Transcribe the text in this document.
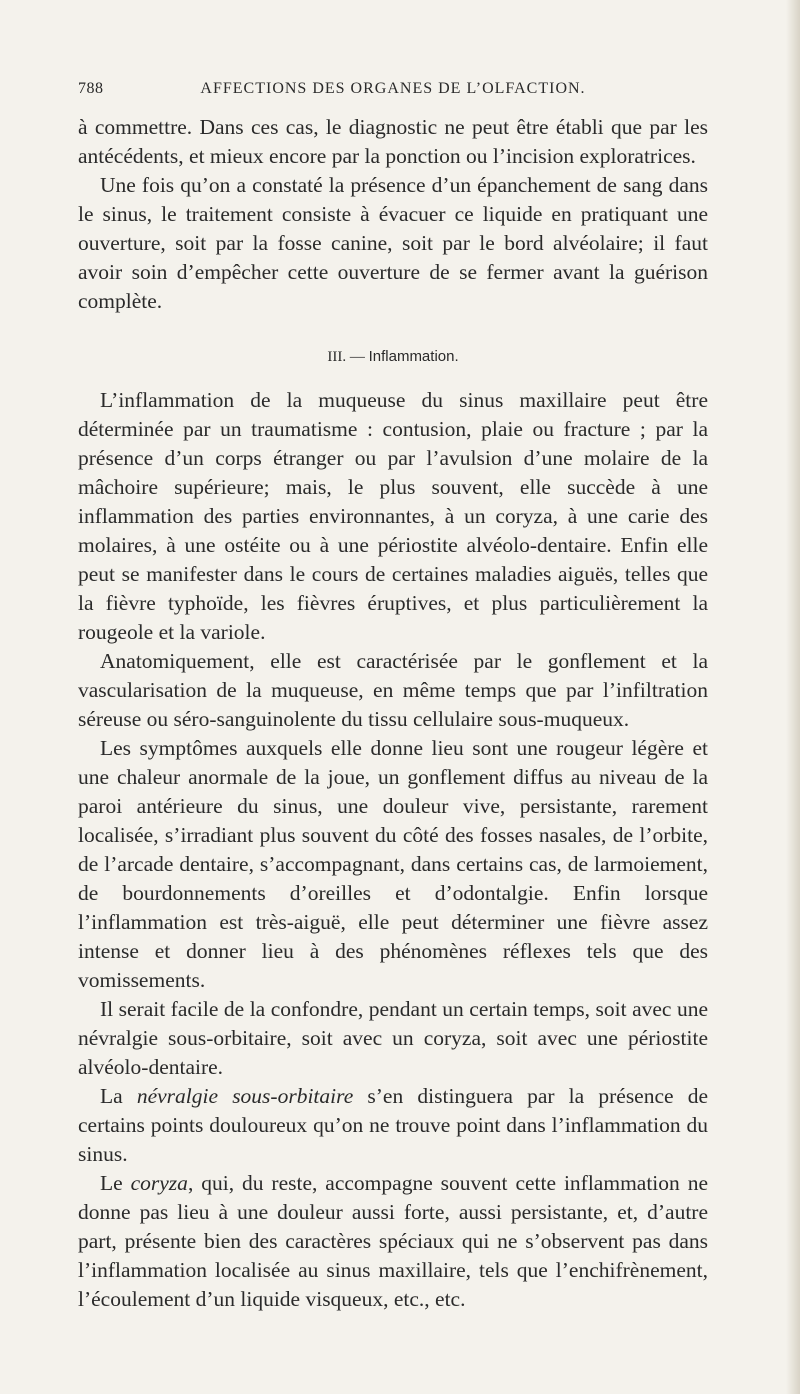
788	AFFECTIONS DES ORGANES DE L’OLFACTION.

à commettre. Dans ces cas, le diagnostic ne peut être établi que par les antécédents, et mieux encore par la ponction ou l’incision exploratrices.

Une fois qu’on a constaté la présence d’un épanchement de sang dans le sinus, le traitement consiste à évacuer ce liquide en pratiquant une ouverture, soit par la fosse canine, soit par le bord alvéolaire; il faut avoir soin d’empêcher cette ouverture de se fermer avant la guérison complète.

III. — Inflammation.

L’inflammation de la muqueuse du sinus maxillaire peut être déterminée par un traumatisme : contusion, plaie ou fracture ; par la présence d’un corps étranger ou par l’avulsion d’une molaire de la mâchoire supérieure; mais, le plus souvent, elle succède à une inflammation des parties environnantes, à un coryza, à une carie des molaires, à une ostéite ou à une périostite alvéolo-dentaire. Enfin elle peut se manifester dans le cours de certaines maladies aiguës, telles que la fièvre typhoïde, les fièvres éruptives, et plus particulièrement la rougeole et la variole.

Anatomiquement, elle est caractérisée par le gonflement et la vascularisation de la muqueuse, en même temps que par l’infiltration séreuse ou séro-sanguinolente du tissu cellulaire sous-muqueux.

Les symptômes auxquels elle donne lieu sont une rougeur légère et une chaleur anormale de la joue, un gonflement diffus au niveau de la paroi antérieure du sinus, une douleur vive, persistante, rarement localisée, s’irradiant plus souvent du côté des fosses nasales, de l’orbite, de l’arcade dentaire, s’accompagnant, dans certains cas, de larmoiement, de bourdonnements d’oreilles et d’odontalgie. Enfin lorsque l’inflammation est très-aiguë, elle peut déterminer une fièvre assez intense et donner lieu à des phénomènes réflexes tels que des vomissements.

Il serait facile de la confondre, pendant un certain temps, soit avec une névralgie sous-orbitaire, soit avec un coryza, soit avec une périostite alvéolo-dentaire.

La névralgie sous-orbitaire s’en distinguera par la présence de certains points douloureux qu’on ne trouve point dans l’inflammation du sinus.

Le coryza, qui, du reste, accompagne souvent cette inflammation ne donne pas lieu à une douleur aussi forte, aussi persistante, et, d’autre part, présente bien des caractères spéciaux qui ne s’observent pas dans l’inflammation localisée au sinus maxillaire, tels que l’enchifrènement, l’écoulement d’un liquide visqueux, etc., etc.
